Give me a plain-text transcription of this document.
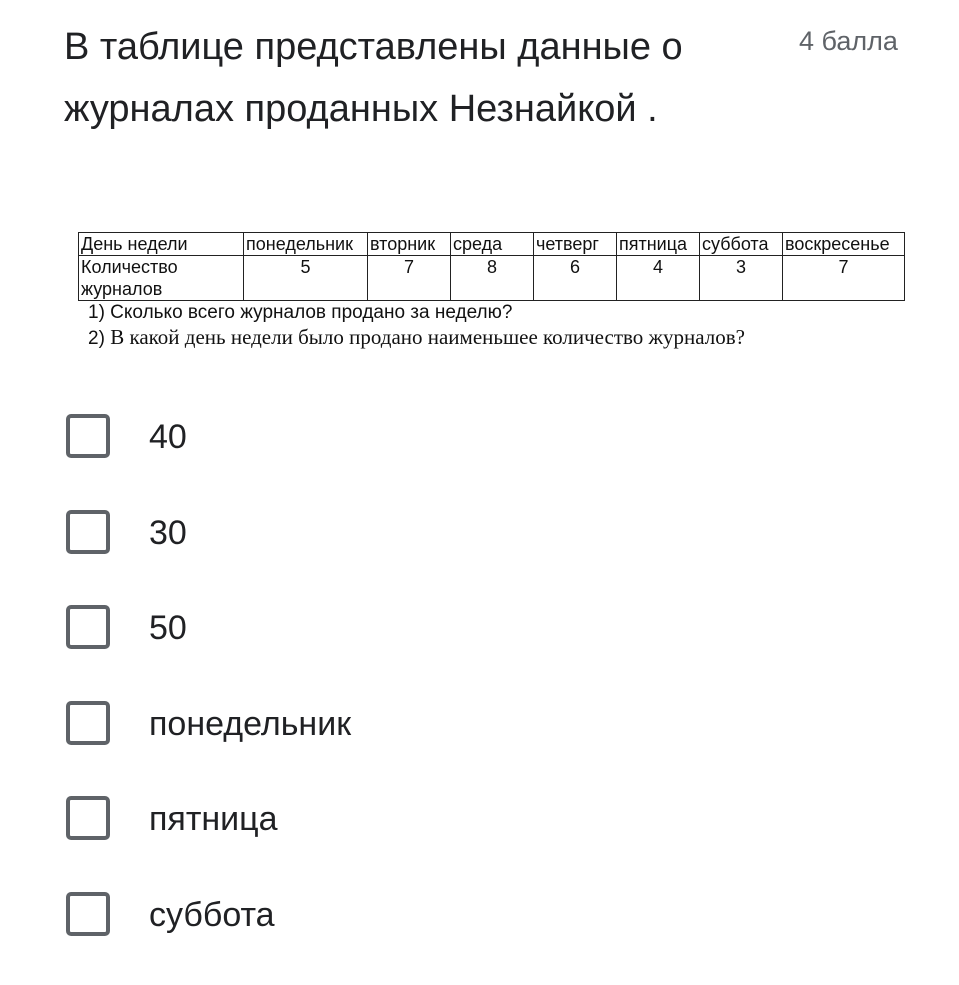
В таблице представлены данные о журналах проданных Незнайкой .
4 балла
День недели	понедельник	вторник	среда	четверг	пятница	суббота	воскресенье
Количество журналов	5	7	8	6	4	3	7
1) Сколько всего журналов продано за неделю?
2) В какой день недели было продано наименьшее количество журналов?
40
30
50
понедельник
пятница
суббота
